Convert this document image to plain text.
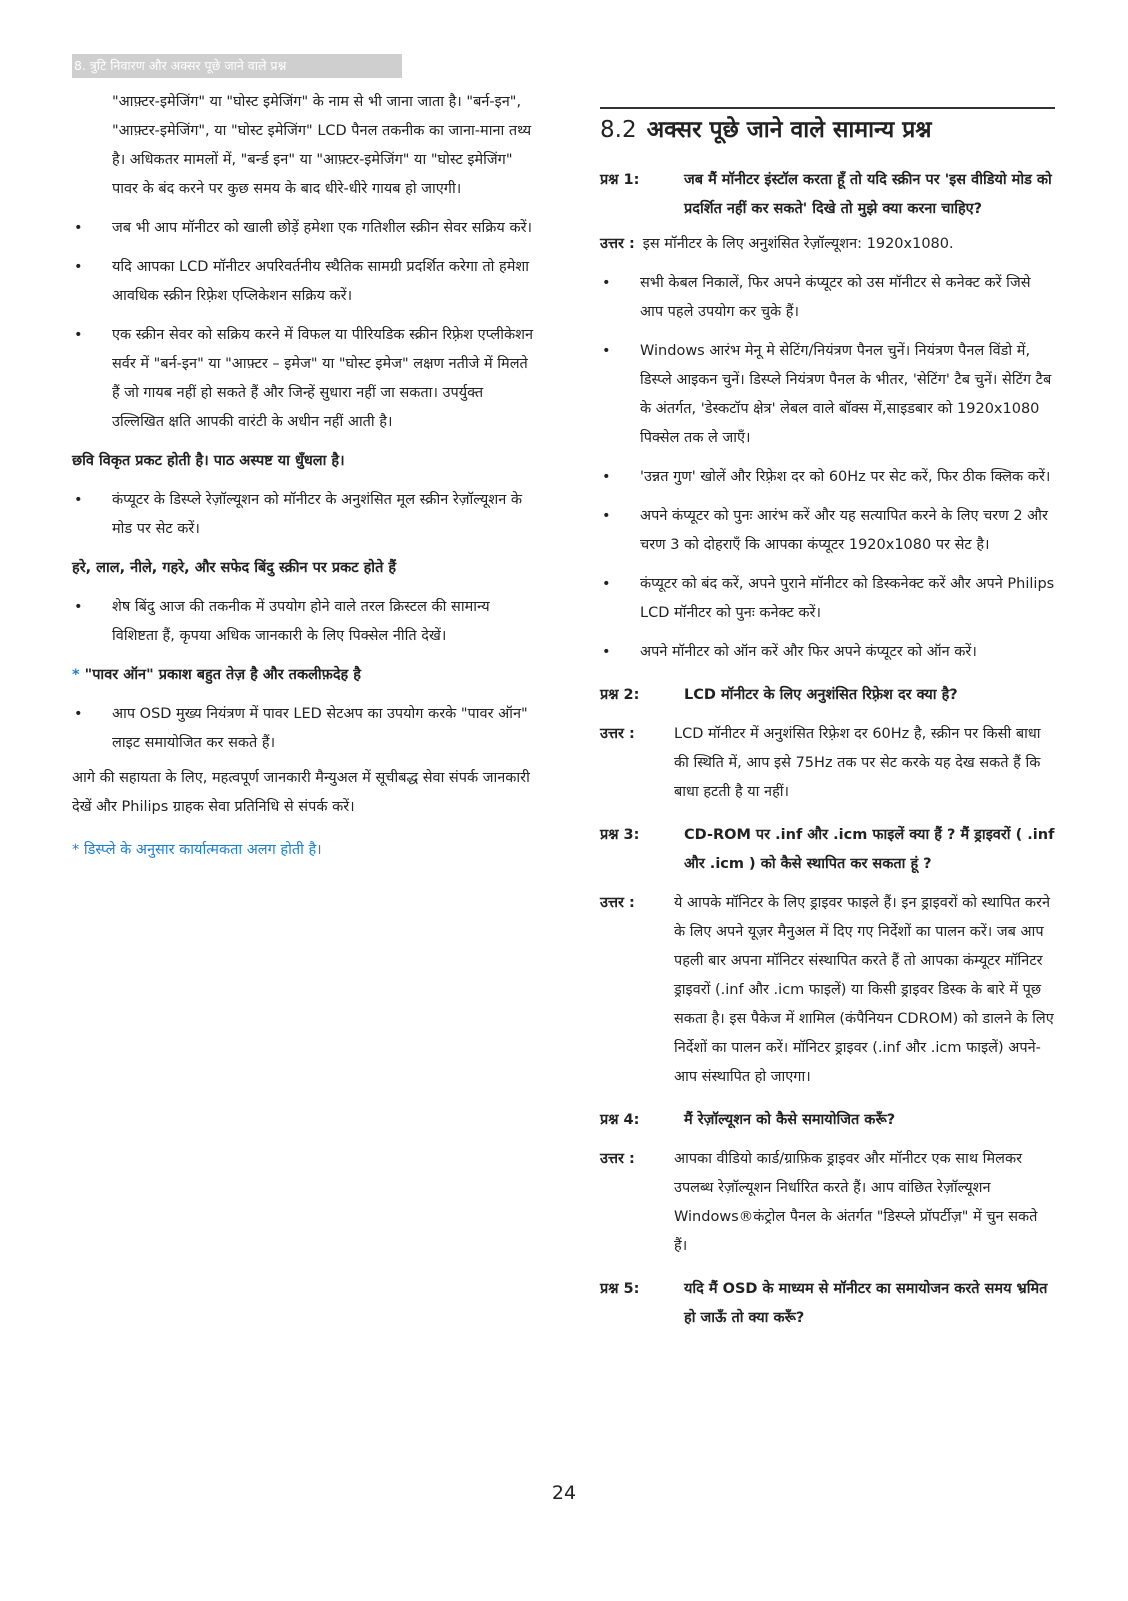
8. त्रुटि निवारण और अक्सर पूछे जाने वाले प्रश्न

"आफ़्टर-इमेजिंग" या "घोस्ट इमेजिंग" के नाम से भी जाना जाता है। "बर्न-इन", "आफ़्टर-इमेजिंग", या "घोस्ट इमेजिंग" LCD पैनल तकनीक का जाना-माना तथ्य है। अधिकतर मामलों में, "बर्न्ड इन" या "आफ़्टर-इमेजिंग" या "घोस्ट इमेजिंग" पावर के बंद करने पर कुछ समय के बाद धीरे-धीरे गायब हो जाएगी।

• जब भी आप मॉनीटर को खाली छोड़ें हमेशा एक गतिशील स्क्रीन सेवर सक्रिय करें।
• यदि आपका LCD मॉनीटर अपरिवर्तनीय स्थैतिक सामग्री प्रदर्शित करेगा तो हमेशा आवधिक स्क्रीन रिफ़्रेश एप्लिकेशन सक्रिय करें।
• एक स्क्रीन सेवर को सक्रिय करने में विफल या पीरियडिक स्क्रीन रिफ़्रेश एप्लीकेशन सर्वर में "बर्न-इन" या "आफ़्टर – इमेज" या "घोस्ट इमेज" लक्षण नतीजे में मिलते हैं जो गायब नहीं हो सकते हैं और जिन्हें सुधारा नहीं जा सकता। उपर्युक्त उल्लिखित क्षति आपकी वारंटी के अधीन नहीं आती है।
छवि विकृत प्रकट होती है। पाठ अस्पष्ट या धुँधला है।
• कंप्यूटर के डिस्प्ले रेज़ॉल्यूशन को मॉनीटर के अनुशंसित मूल स्क्रीन रेज़ॉल्यूशन के मोड पर सेट करें।
हरे, लाल, नीले, गहरे, और सफेद बिंदु स्क्रीन पर प्रकट होते हैं
• शेष बिंदु आज की तकनीक में उपयोग होने वाले तरल क्रिस्टल की सामान्य विशिष्टता हैं, कृपया अधिक जानकारी के लिए पिक्सेल नीति देखें।
* "पावर ऑन" प्रकाश बहुत तेज़ है और तकलीफ़देह है
• आप OSD मुख्य नियंत्रण में पावर LED सेटअप का उपयोग करके "पावर ऑन" लाइट समायोजित कर सकते हैं।

आगे की सहायता के लिए, महत्वपूर्ण जानकारी मैन्युअल में सूचीबद्ध सेवा संपर्क जानकारी देखें और Philips ग्राहक सेवा प्रतिनिधि से संपर्क करें।

* डिस्प्ले के अनुसार कार्यात्मकता अलग होती है।

8.2 अक्सर पूछे जाने वाले सामान्य प्रश्न
प्रश्न 1:	जब मैं मॉनीटर इंस्टॉल करता हूँ तो यदि स्क्रीन पर 'इस वीडियो मोड को प्रदर्शित नहीं कर सकते' दिखे तो मुझे क्या करना चाहिए?

उत्तर : इस मॉनीटर के लिए अनुशंसित रेज़ॉल्यूशन: 1920x1080.

• सभी केबल निकालें, फिर अपने कंप्यूटर को उस मॉनीटर से कनेक्ट करें जिसे आप पहले उपयोग कर चुके हैं।
• Windows आरंभ मेनू मे सेटिंग/नियंत्रण पैनल चुनें। नियंत्रण पैनल विंडो में, डिस्प्ले आइकन चुनें। डिस्प्ले नियंत्रण पैनल के भीतर, 'सेटिंग' टैब चुनें। सेटिंग टैब के अंतर्गत, 'डेस्कटॉप क्षेत्र' लेबल वाले बॉक्स में,साइडबार को 1920x1080 पिक्सेल तक ले जाएँ।
• 'उन्नत गुण' खोलें और रिफ़्रेश दर को 60Hz पर सेट करें, फिर ठीक क्लिक करें।
• अपने कंप्यूटर को पुनः आरंभ करें और यह सत्यापित करने के लिए चरण 2 और चरण 3 को दोहराएँ कि आपका कंप्यूटर 1920x1080 पर सेट है।
• कंप्यूटर को बंद करें, अपने पुराने मॉनीटर को डिस्कनेक्ट करें और अपने Philips LCD मॉनीटर को पुनः कनेक्ट करें।
• अपने मॉनीटर को ऑन करें और फिर अपने कंप्यूटर को ऑन करें।
प्रश्न 2:	LCD मॉनीटर के लिए अनुशंसित रिफ़्रेश दर क्या है?
उत्तर :	LCD मॉनीटर में अनुशंसित रिफ़्रेश दर 60Hz है, स्क्रीन पर किसी बाधा की स्थिति में, आप इसे 75Hz तक पर सेट करके यह देख सकते हैं कि बाधा हटती है या नहीं।
प्रश्न 3:	CD-ROM पर .inf और .icm फाइलें क्या हैं ? मैं ड्राइवरों ( .inf और .icm ) को कैसे स्थापित कर सकता हूं ?
उत्तर :	ये आपके मॉनिटर के लिए ड्राइवर फाइले हैं। इन ड्राइवरों को स्थापित करने के लिए अपने यूज़र मैनुअल में दिए गए निर्देशों का पालन करें। जब आप पहली बार अपना मॉनिटर संस्थापित करते हैं तो आपका कंम्यूटर मॉनिटर ड्राइवरों (.inf और .icm फाइलें) या किसी ड्राइवर डिस्क के बारे में पूछ सकता है। इस पैकेज में शामिल (कंपैनियन CDROM) को डालने के लिए निर्देशों का पालन करें। मॉनिटर ड्राइवर (.inf और .icm फाइलें) अपने-आप संस्थापित हो जाएगा।
प्रश्न 4:	मैं रेज़ॉल्यूशन को कैसे समायोजित करूँ?
उत्तर :	आपका वीडियो कार्ड/ग्राफ़िक ड्राइवर और मॉनीटर एक साथ मिलकर उपलब्ध रेज़ॉल्यूशन निर्धारित करते हैं। आप वांछित रेज़ॉल्यूशन Windows®कंट्रोल पैनल के अंतर्गत "डिस्प्ले प्रॉपर्टीज़" में चुन सकते हैं।
प्रश्न 5:	यदि मैं OSD के माध्यम से मॉनीटर का समायोजन करते समय भ्रमित हो जाऊँ तो क्या करूँ?
24
